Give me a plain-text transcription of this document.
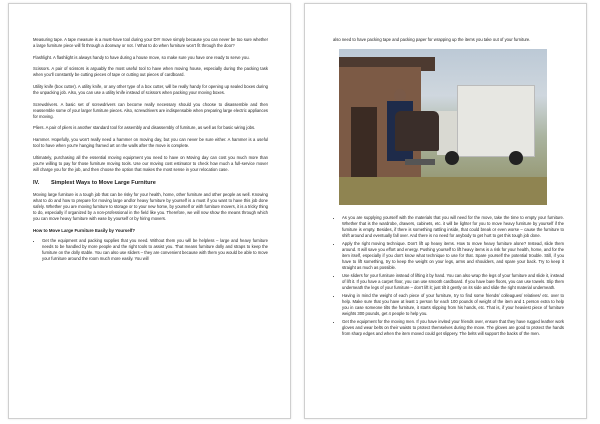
Measuring tape. A tape measure is a must-have tool during your DIY move simply because you can never be too sure whether a large furniture piece will fit through a doorway or not. / What to do when furniture won't fit through the door?

Flashlight. A flashlight is always handy to have during a house move, so make sure you have one ready to serve you.

Scissors. A pair of scissors is arguably the most useful tool to have when moving house, especially during the packing task when you'll constantly be cutting pieces of tape or cutting out pieces of cardboard.

Utility knife (box cutter). A utility knife, or any other type of a box cutter, will be really handy for opening up sealed boxes during the unpacking job. Also, you can use a utility knife instead of scissors when packing your moving boxes.

Screwdrivers. A basic set of screwdrivers can become really necessary should you choose to disassemble and then reassemble some of your larger furniture pieces. Also, screwdrivers are indispensable when preparing large electric appliances for moving.

Pliers. A pair of pliers is another standard tool for assembly and disassembly of furniture, as well as for basic wiring jobs.

Hammer. Hopefully, you won't really need a hammer on moving day, but you can never be sure either. A hammer is a useful tool to have when you're hanging framed art on the walls after the move is complete.

Ultimately, purchasing all the essential moving equipment you need to have on Moving day can cost you much more than you're willing to pay for those furniture moving tools. Use our moving cost estimator to check how much a full-service mover will charge you for the job, and then choose the option that makes the most sense in your relocation case.

IV.	Simplest Ways to Move Large Furniture

Moving large furniture is a tough job that can be risky for your health, home, other furniture and other people as well. Knowing what to do and how to prepare for moving large and/or heavy furniture by yourself is a must if you want to have this job done safely. Whether you are moving furniture to storage or to your new home, by yourself or with furniture movers, it is a tricky thing to do, especially if organized by a non-professional in the field like you. Therefore, we will now show the means through which you can move heavy furniture with ease by yourself or by hiring movers.

How to Move Large Furniture Easily by Yourself?
• Get the equipment and packing supplies that you need. Without them you will be helpless – large and heavy furniture needs to be handled by more people and the right tools to assist you. That means furniture dolly and straps to keep the furniture on the dolly stable. You can also use sliders – they are convenient because with them you would be able to move your furniture around the room much more easily. You will

also need to have packing tape and packing paper for wrapping up the items you take out of your furniture.

• As you are supplying yourself with the materials that you will need for the move, take the time to empty your furniture. Whether that is the wardrobe, drawers, cabinets, etc. it will be lighter for you to move heavy furniture by yourself if the furniture is empty. Besides, if there is something rattling inside, that could break or even worse – cause the furniture to shift around and eventually fall over. And there is no need for anybody to get hurt to get this tough job done.
• Apply the right moving technique. Don't lift up heavy items. How to move heavy furniture alone? Instead, slide them around. It will save you effort and energy. Pushing yourself to lift heavy items is a risk for your health, home, and for the item itself, especially if you don't know what technique to use for that. Spare yourself the potential trouble. Still, if you have to lift something, try to keep the weight on your legs, arms and shoulders, and spare your back. Try to keep it straight as much as possible.
• Use sliders for your furniture instead of lifting it by hand. You can also wrap the legs of your furniture and slide it, instead of lift it. If you have a carpet floor, you can use smooth cardboard. If you have bare floors, you can use towels. Slip them underneath the legs of your furniture – don't lift it; just tilt it gently on its side and slide the right material underneath.
• Having in mind the weight of each piece of your furniture, try to find some friends/ colleagues/ relatives/ etc. over to help. Make sure that you have at least 1 person for each 100 pounds of weight of the item and 1 person extra to help you in case someone tilts the furniture, it starts slipping from his hands, etc. That is, if your heaviest piece of furniture weights 300 pounds, get 4 people to help you.
• Get the equipment for the moving men. If you have invited your friends over, ensure that they have rugged leather work gloves and wear belts on their waists to protect themselves during the move. The gloves are good to protect the hands from sharp edges and when the item moved could get slippery. The belts will support the backs of the men.
